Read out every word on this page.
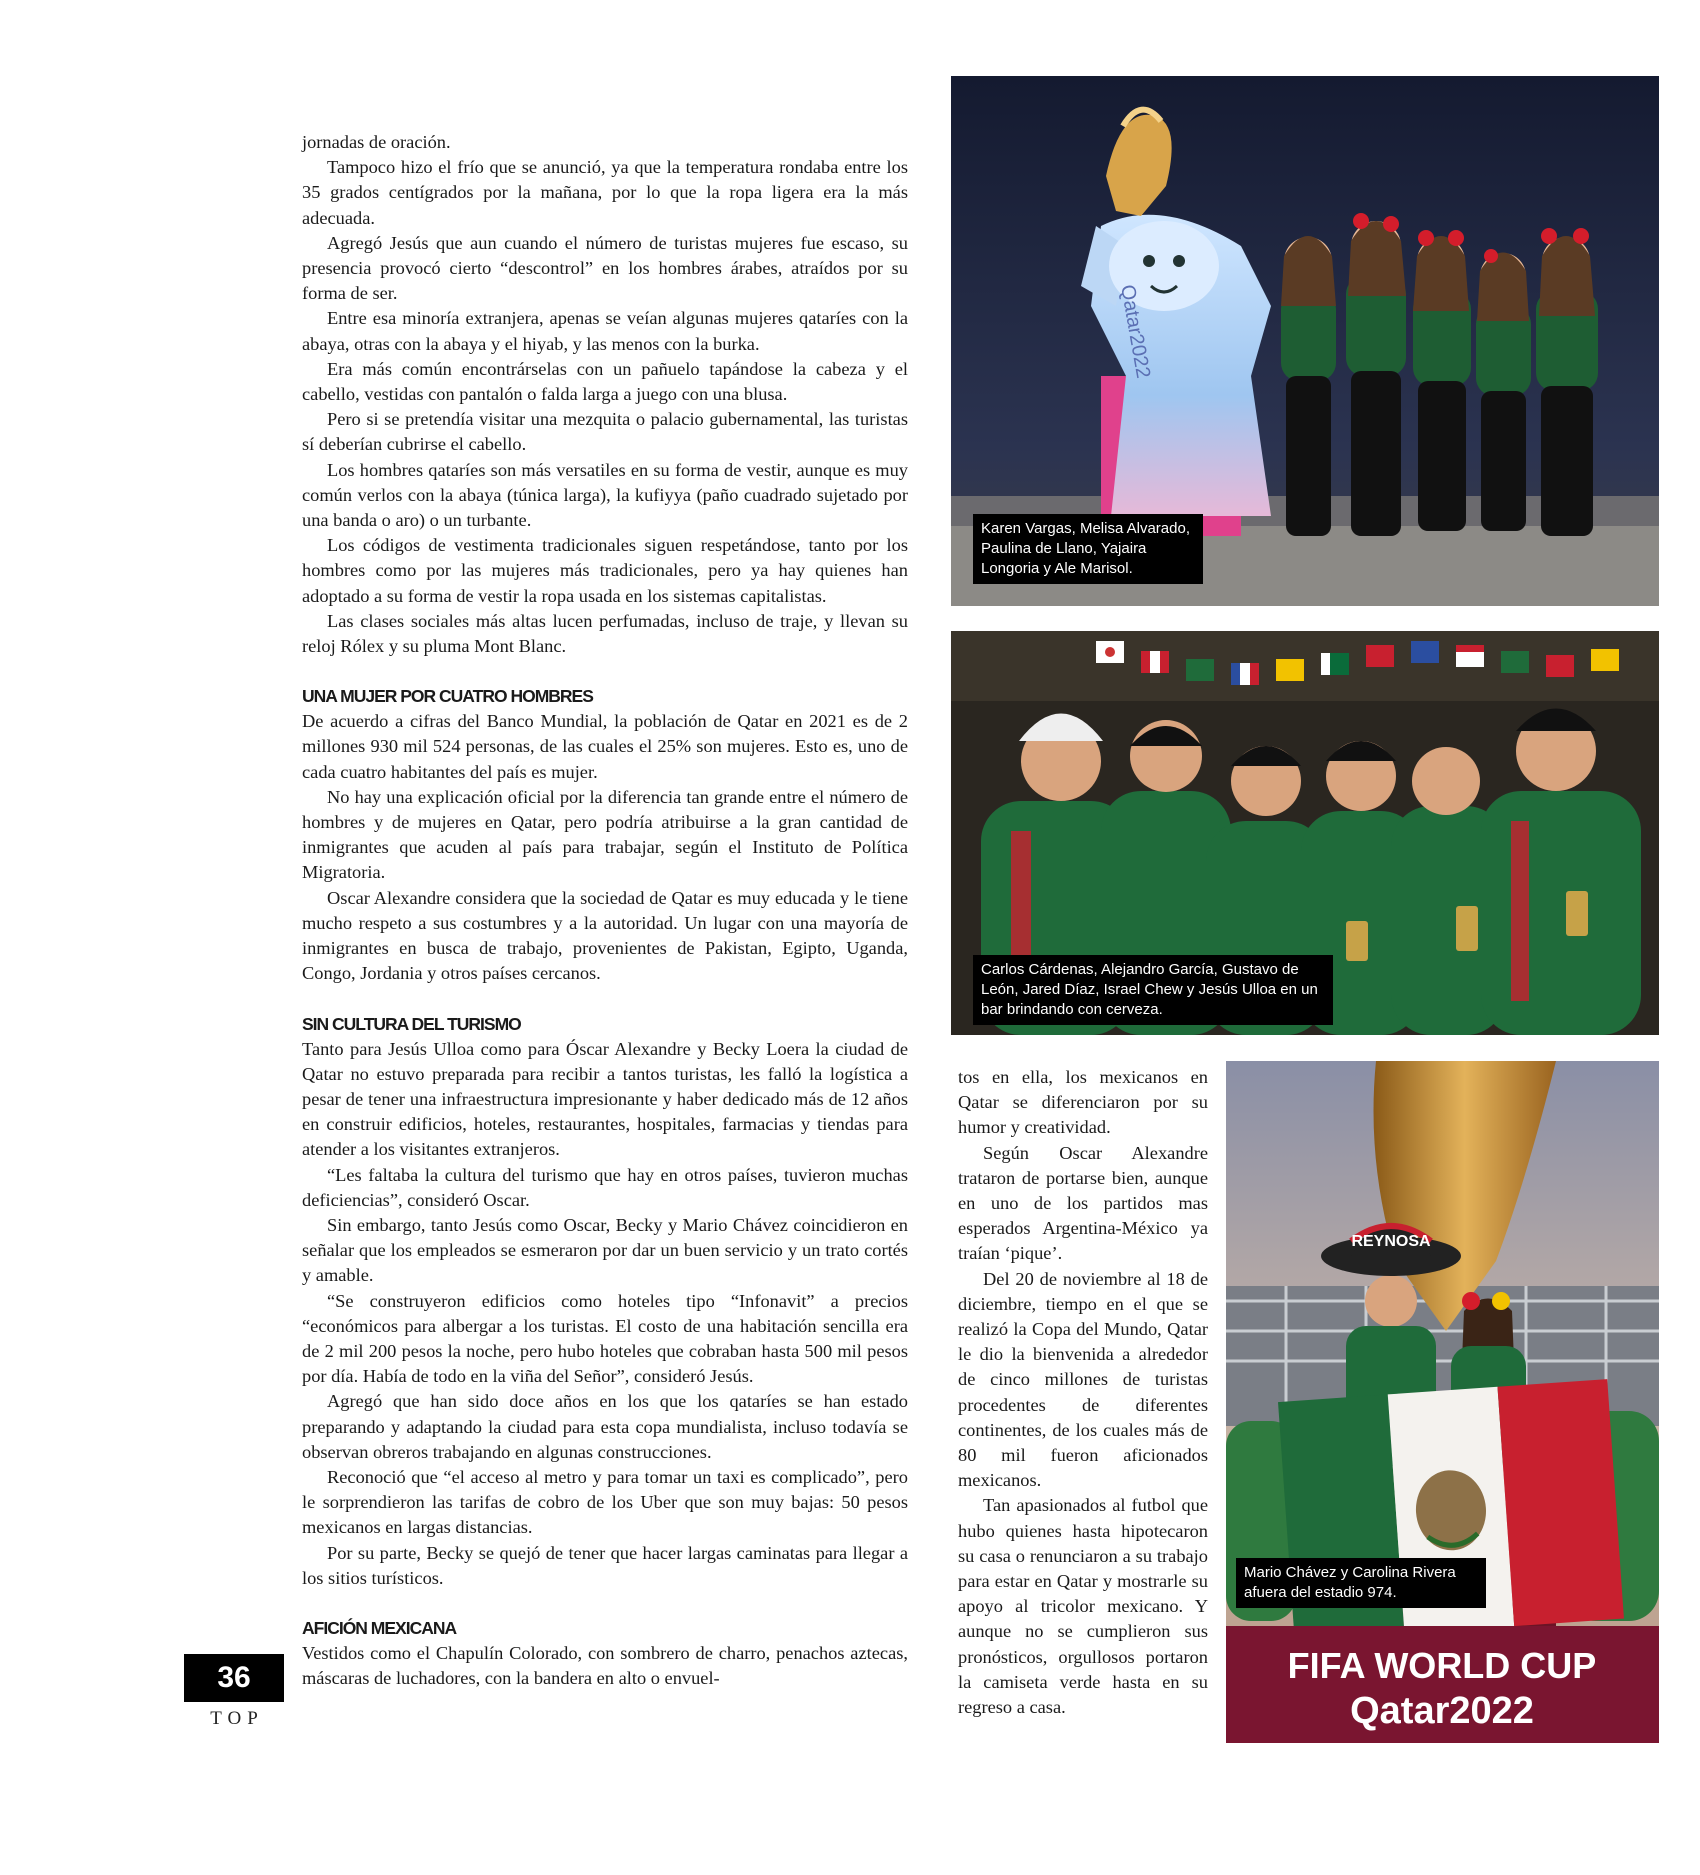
jornadas de oración.

Tampoco hizo el frío que se anunció, ya que la temperatura rondaba entre los 35 grados centígrados por la mañana, por lo que la ropa ligera era la más adecuada.

Agregó Jesús que aun cuando el número de turistas mujeres fue escaso, su presencia provocó cierto “descontrol” en los hombres árabes, atraídos por su forma de ser.

Entre esa minoría extranjera, apenas se veían algunas mujeres qataríes con la abaya, otras con la abaya y el hiyab, y las menos con la burka.

Era más común encontrárselas con un pañuelo tapándose la cabeza y el cabello, vestidas con pantalón o falda larga a juego con una blusa.

Pero si se pretendía visitar una mezquita o palacio gubernamental, las turistas sí deberían cubrirse el cabello.

Los hombres qataríes son más versatiles en su forma de vestir, aunque es muy común verlos con la abaya (túnica larga), la kufiyya (paño cuadrado sujetado por una banda o aro) o un turbante.

Los códigos de vestimenta tradicionales siguen respetándose, tanto por los hombres como por las mujeres más tradicionales, pero ya hay quienes han adoptado a su forma de vestir la ropa usada en los sistemas capitalistas.

Las clases sociales más altas lucen perfumadas, incluso de traje, y llevan su reloj Rólex y su pluma Mont Blanc.

UNA MUJER POR CUATRO HOMBRES

De acuerdo a cifras del Banco Mundial, la población de Qatar en 2021 es de 2 millones 930 mil 524 personas, de las cuales el 25% son mujeres. Esto es, uno de cada cuatro habitantes del país es mujer.

No hay una explicación oficial por la diferencia tan grande entre el número de hombres y de mujeres en Qatar, pero podría atribuirse a la gran cantidad de inmigrantes que acuden al país para trabajar, según el Instituto de Política Migratoria.

Oscar Alexandre considera que la sociedad de Qatar es muy educada y le tiene mucho respeto a sus costumbres y a la autoridad. Un lugar con una mayoría de inmigrantes en busca de trabajo, provenientes de Pakistan, Egipto, Uganda, Congo, Jordania y otros países cercanos.

SIN CULTURA DEL TURISMO

Tanto para Jesús Ulloa como para Óscar Alexandre y Becky Loera la ciudad de Qatar no estuvo preparada para recibir a tantos turistas, les falló la logística a pesar de tener una infraestructura impresionante y haber dedicado más de 12 años en construir edificios, hoteles, restaurantes, hospitales, farmacias y tiendas para atender a los visitantes extranjeros.

“Les faltaba la cultura del turismo que hay en otros países, tuvieron muchas deficiencias”, consideró Oscar.

Sin embargo, tanto Jesús como Oscar, Becky y Mario Chávez coincidieron en señalar que los empleados se esmeraron por dar un buen servicio y un trato cortés y amable.

“Se construyeron edificios como hoteles tipo “Infonavit” a precios “económicos para albergar a los turistas. El costo de una habitación sencilla era de 2 mil 200 pesos la noche, pero hubo hoteles que cobraban hasta 500 mil pesos por día. Había de todo en la viña del Señor”, consideró Jesús.

Agregó que han sido doce años en los que los qataríes se han estado preparando y adaptando la ciudad para esta copa mundialista, incluso todavía se observan obreros trabajando en algunas construcciones.

Reconoció que “el acceso al metro y para tomar un taxi es complicado”, pero le sorprendieron las tarifas de cobro de los Uber que son muy bajas: 50 pesos mexicanos en largas distancias.

Por su parte, Becky se quejó de tener que hacer largas caminatas para llegar a los sitios turísticos.

AFICIÓN MEXICANA

Vestidos como el Chapulín Colorado, con sombrero de charro, penachos aztecas, máscaras de luchadores, con la bandera en alto o envuel-

tos en ella, los mexicanos en Qatar se diferenciaron por su humor y creatividad.

Según Oscar Alexandre trataron de portarse bien, aunque en uno de los partidos mas esperados Argentina-México ya traían ‘pique’.

Del 20 de noviembre al 18 de diciembre, tiempo en el que se realizó la Copa del Mundo, Qatar le dio la bienvenida a alrededor de cinco millones de turistas procedentes de diferentes continentes, de los cuales más de 80 mil fueron aficionados mexicanos.

Tan apasionados al futbol que hubo quienes hasta hipotecaron su casa o renunciaron a su trabajo para estar en Qatar y mostrarle su apoyo al tricolor mexicano. Y aunque no se cumplieron sus pronósticos, orgullosos portaron la camiseta verde hasta en su regreso a casa.

Qatar2022
Karen Vargas, Melisa Alvarado, Paulina de Llano, Yajaira Longoria y Ale Marisol.
Carlos Cárdenas, Alejandro García, Gustavo de León, Jared Díaz, Israel Chew y Jesús Ulloa en un bar brindando con cerveza.
REYNOSA
FIFA WORLD CUP
Qatar2022
Mario Chávez y Carolina Rivera afuera del estadio 974.
36
TOP
